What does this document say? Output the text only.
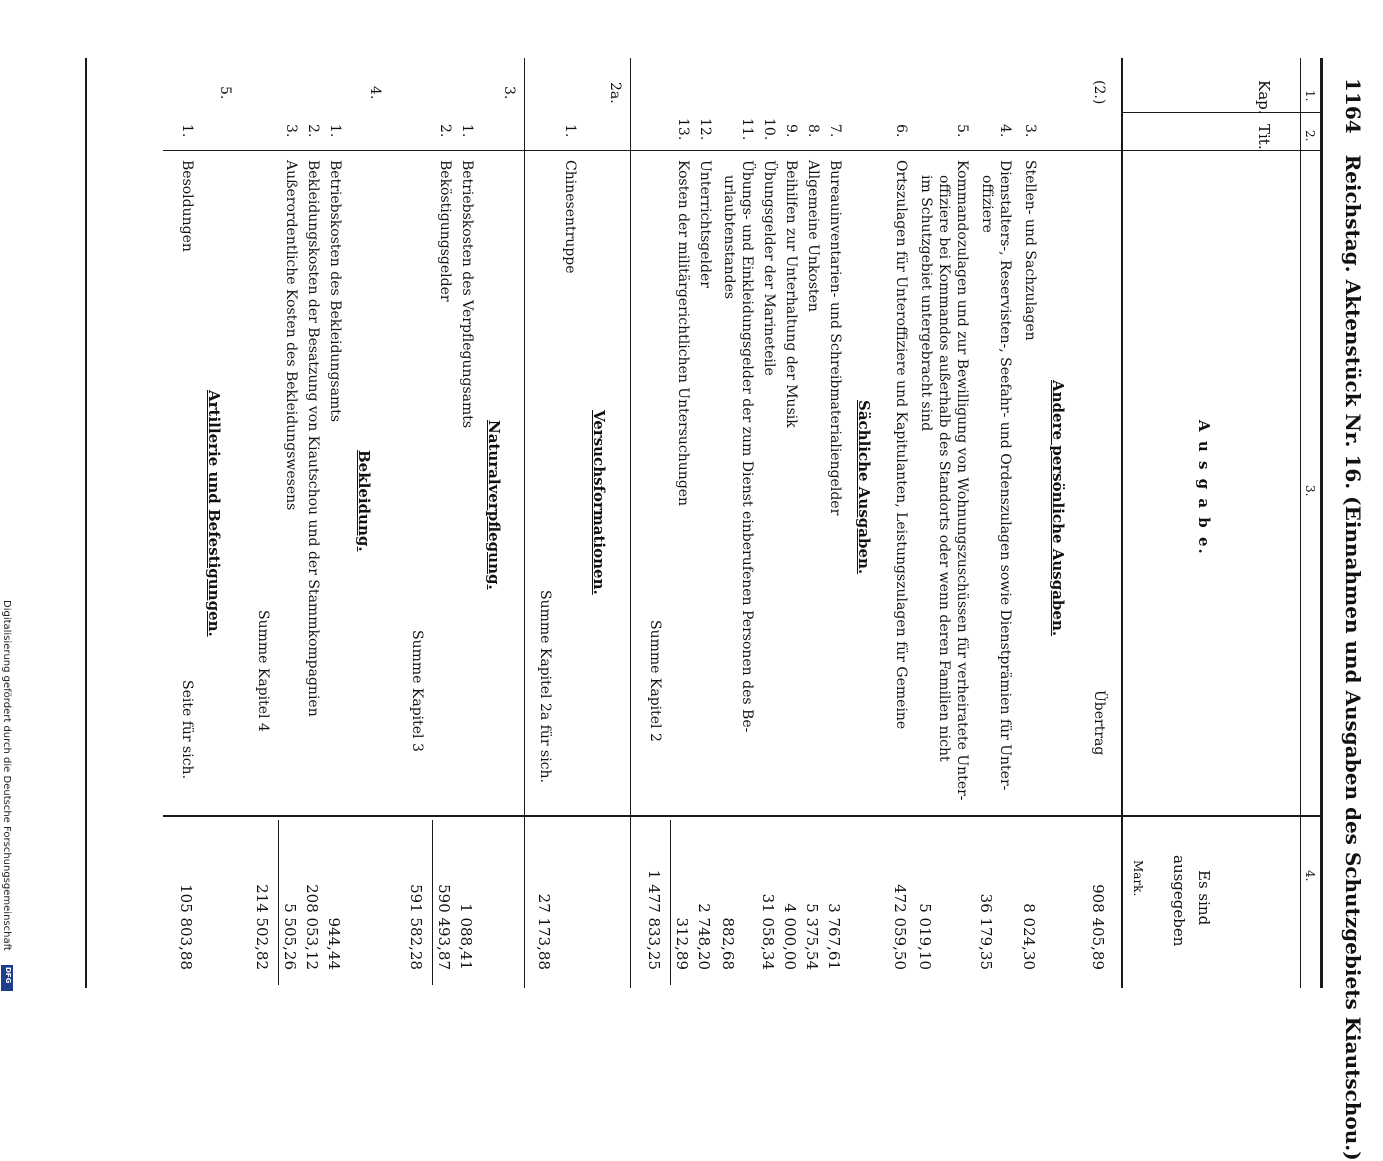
1164   Reichstag. Aktenstück Nr. 16. (Einnahmen und Ausgaben des Schutzgebiets Kiautschou.)
1.
2.
3.
4.
Kap.
Tit.
A u s g a b e.
Es sind
ausgegeben
Mark.
(2.)
Übertrag
908 405,89
Andere persönliche Ausgaben.
3.
Stellen- und Sachzulagen
8 024,30
4.
Dienstalters-, Reservisten-, Seefahr- und Ordenszulagen sowie Dienstprämien für Unter-
offiziere
36 179,35
5.
Kommandozulagen und zur Bewilligung von Wohnungszuschüssen für verheiratete Unter-
offiziere bei Kommandos außerhalb des Standorts oder wenn deren Familien nicht
im Schutzgebiet untergebracht sind
5 019,10
6.
Ortszulagen für Unteroffiziere und Kapitulanten, Leistungszulagen für Gemeine
472 059,50
Sächliche Ausgaben.
7.
Bureauinventarien- und Schreibmaterialiengelder
3 767,61
8.
Allgemeine Unkosten
5 375,54
9.
Beihilfen zur Unterhaltung der Musik
4 000,00
10.
Übungsgelder der Marineteile
31 058,34
11.
Übungs- und Einkleidungsgelder der zum Dienst einberufenen Personen des Be-
urlaubtenstandes
882,68
12.
Unterrichtsgelder
2 748,20
13.
Kosten der militärgerichtlichen Untersuchungen
312,89
Summe Kapitel 2
1 477 833,25
2a.
Versuchsformationen.
1.
Chinesentruppe
Summe Kapitel 2a für sich.
27 173,88
3.
Naturalverpflegung.
1.
Betriebskosten des Verpflegungsamts
1 088,41
2.
Beköstigungsgelder
590 493,87
Summe Kapitel 3
591 582,28
4.
Bekleidung.
1.
Betriebskosten des Bekleidungsamts
944,44
2.
Bekleidungskosten der Besatzung von Kiautschou und der Stammkompagnien
208 053,12
3.
Außerordentliche Kosten des Bekleidungswesens
5 505,26
Summe Kapitel 4
214 502,82
5.
Artillerie und Befestigungen.
1.
Besoldungen
Seite für sich.
105 803,88
Digitalisierung gefördert durch die Deutsche Forschungsgemeinschaft
DFG
